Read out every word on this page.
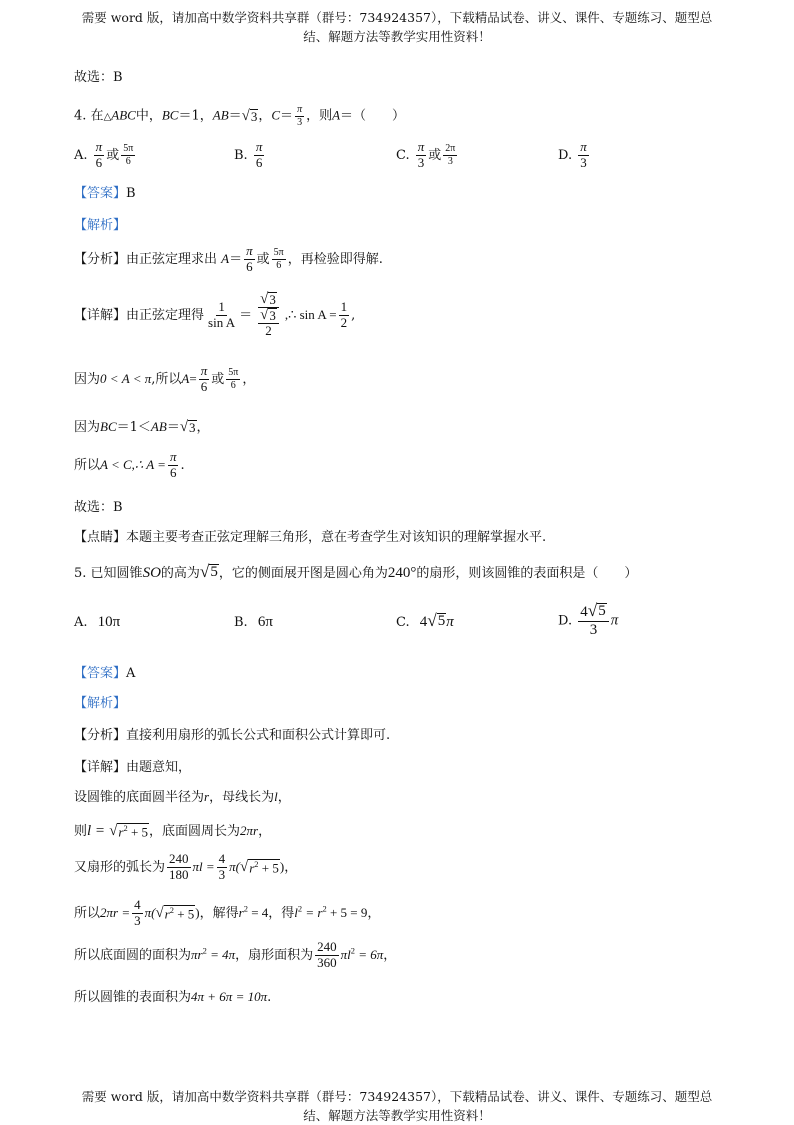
需要 word 版，请加高中数学资料共享群（群号：734924357），下载精品试卷、讲义、课件、专题练习、题型总
结、解题方法等教学实用性资料！
故选：B
4. 在△ABC中，BC＝1，AB＝ √ 3 ，$C= \frac{\pi}{3}$ ，则A＝（　　）
A. $\frac{\pi}{6}$ 或 $\frac{5\pi}{6}$	B. $\frac{\pi}{6}$	C. $\frac{\pi}{3}$ 或 $\frac{2\pi}{3}$	D. $\frac{\pi}{3}$
【答案】B
【解析】
【分析】由正弦定理求出 $A= \frac{\pi}{6}$ 或 $\frac{5\pi}{6}$ ，再检验即得解.
【详解】由正弦定理得 $\frac{1}{\text{sin A}} = \frac{√ 3}{\frac{√ 3}{2}}$ ,∴ $\sin A = \frac{1}{2}$ ,
因为0 < A < π,所以$A= \frac{\pi}{6}$ 或 $\frac{5\pi}{6}$ ，
因为BC＝1＜AB＝ √ 3 ，
所以A < C,∴ $A = \frac{\pi}{6}$ .
故选：B
【点睛】本题主要考查正弦定理解三角形，意在考查学生对该知识的理解掌握水平.
5. 已知圆锥SO的高为 √ 5 ，它的侧面展开图是圆心角为240°的扇形，则该圆锥的表面积是（　　）
A. 10π	B. 6π	C. 4 √ 5 π	D. $\frac{4 √ 5}{3}$ π
【答案】A
【解析】
【分析】直接利用扇形的弧长公式和面积公式计算即可.
【详解】由题意知，
设圆锥的底面圆半径为r，母线长为l，
则l = √ $r^2 + 5$ ，底面圆周长为2πr，
又扇形的弧长为 $\frac{240}{180}$ $\pi l = \frac{4}{3} \pi$( √ $r^2 + 5$ )，
所以$2\pi r = \frac{4}{3} \pi$( √ $r^2 + 5$ )，解得$r^2 = 4$，得$l^2 = r^2 + 5 = 9$，
所以底面圆的面积为$\pi r^2 = 4\pi$，扇形面积为 $\frac{240}{360} \pi l^2 = 6\pi$，
所以圆锥的表面积为4π + 6π = 10π.
需要 word 版，请加高中数学资料共享群（群号：734924357），下载精品试卷、讲义、课件、专题练习、题型总
结、解题方法等教学实用性资料！
